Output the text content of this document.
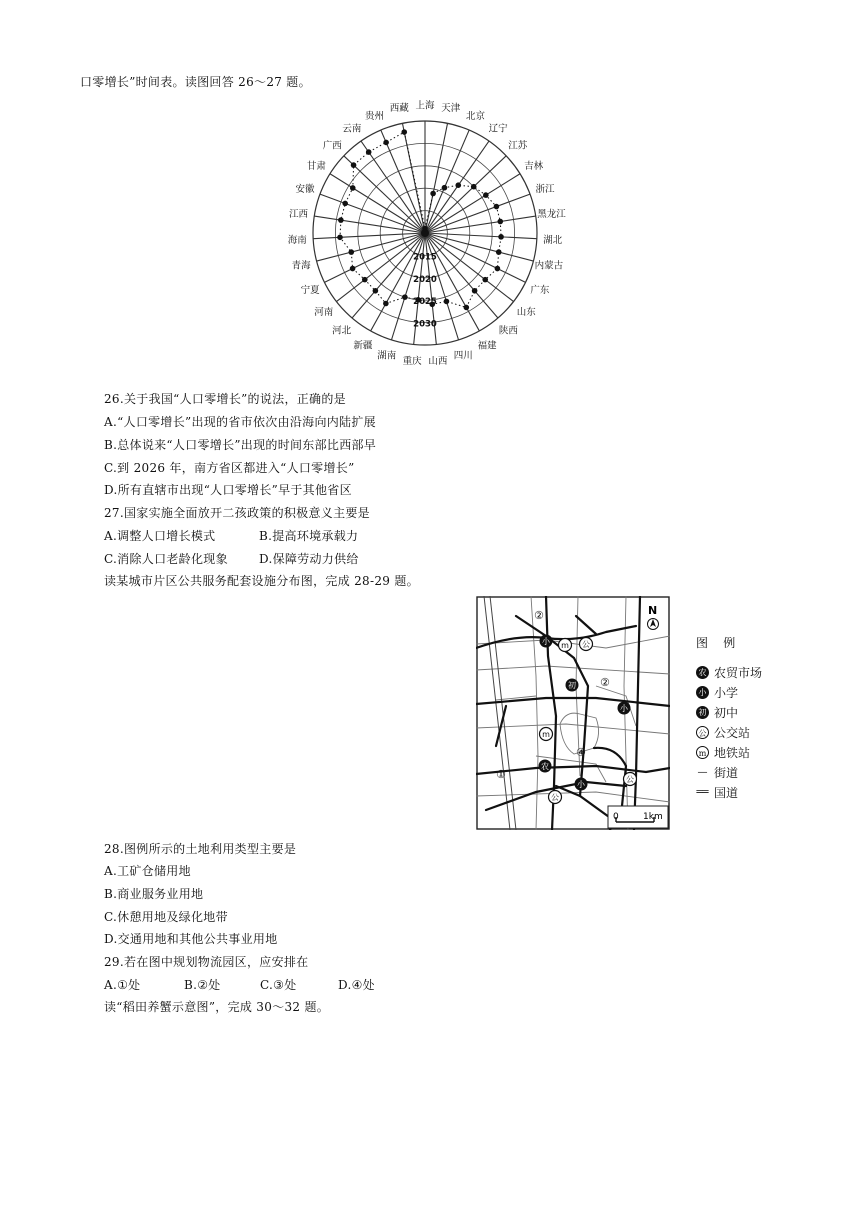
口零增长”时间表。读图回答 26～27 题。
上海 天津
北京
辽宁
江苏
吉林
浙江
黑龙江
湖北
内蒙古
广东
山东
陕西
福建
四川
山西
重庆
湖南
新疆
河北
河南
宁夏
青海
海南
江西
安徽
甘肃
广西
云南
贵州
西藏
2015
2020
2025
2030
26.关于我国“人口零增长”的说法，正确的是
A.“人口零增长”出现的省市依次由沿海向内陆扩展
B.总体说来“人口零增长”出现的时间东部比西部早
C.到 2026 年，南方省区都进入“人口零增长”
D.所有直辖市出现“人口零增长”早于其他省区
27.国家实施全面放开二孩政策的积极意义主要是
A.调整人口增长模式	B.提高环境承载力
C.消除人口老龄化现象	D.保障劳动力供给
读某城市片区公共服务配套设施分布图，完成 28-29 题。
0	1km
N
②
②
④
①
小 m 公
初
小
m
农
小
公
公
图    例
农 农贸市场
小 小学
初 初中
公 公交站
m 地铁站
— 街道
══ 国道
28.图例所示的土地利用类型主要是
A.工矿仓储用地
B.商业服务业用地
C.休憩用地及绿化地带
D.交通用地和其他公共事业用地
29.若在图中规划物流园区，应安排在
A.①处	B.②处	C.③处	D.④处
读“稻田养蟹示意图”，完成 30～32 题。
